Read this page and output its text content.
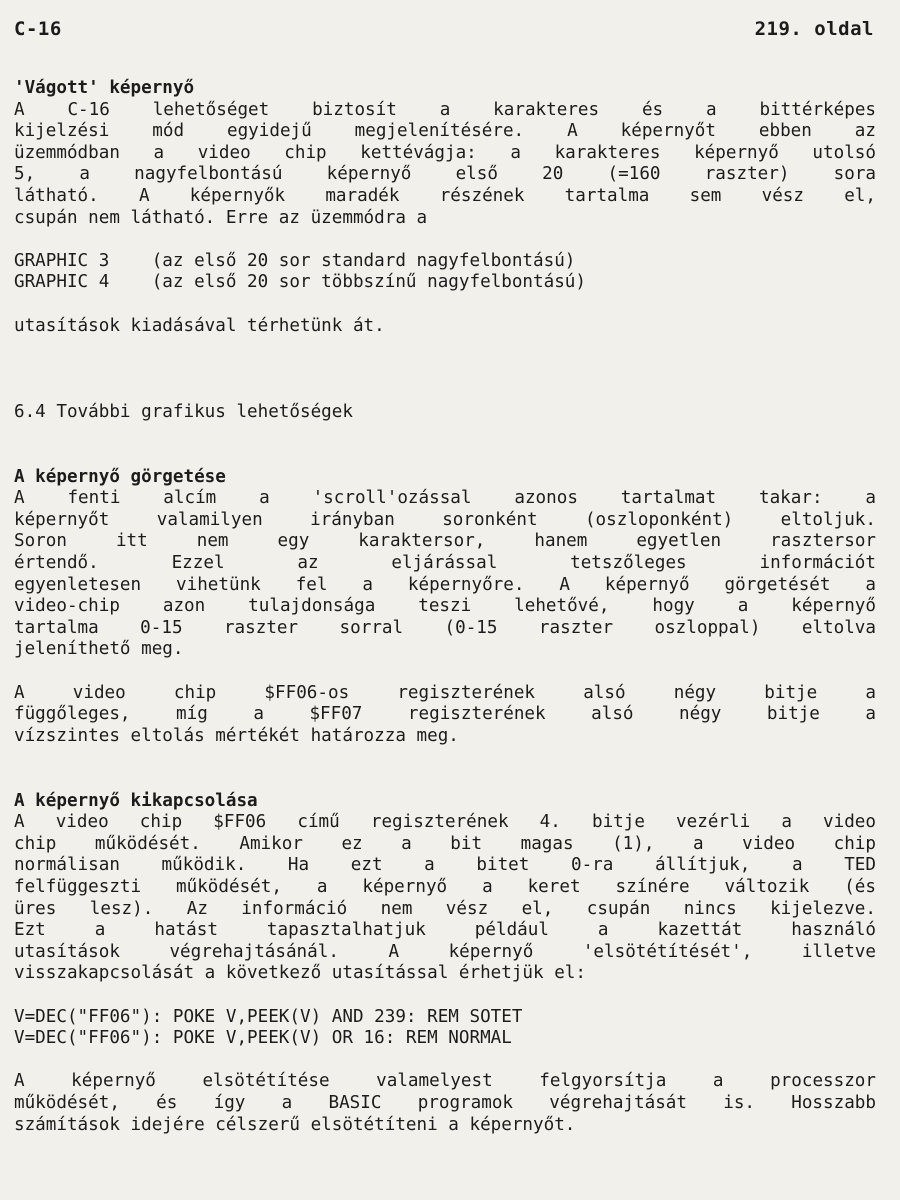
C-16	219. oldal
'Vágott' képernyő
A C-16 lehetőséget biztosít a karakteres és a bittérképes
kijelzési mód egyidejű megjelenítésére. A képernyőt ebben az
üzemmódban a video chip kettévágja: a karakteres képernyő utolsó
5, a nagyfelbontású képernyő első 20 (=160 raszter) sora
látható. A képernyők maradék részének tartalma sem vész el,
csupán nem látható. Erre az üzemmódra a
GRAPHIC 3    (az első 20 sor standard nagyfelbontású)
GRAPHIC 4    (az első 20 sor többszínű nagyfelbontású)
utasítások kiadásával térhetünk át.
6.4 További grafikus lehetőségek
A képernyő görgetése
A fenti alcím a 'scroll'ozással azonos tartalmat takar: a
képernyőt valamilyen irányban soronként (oszloponként) eltoljuk.
Soron itt nem egy karaktersor, hanem egyetlen rasztersor
értendő. Ezzel az eljárással tetszőleges információt
egyenletesen vihetünk fel a képernyőre. A képernyő görgetését a
video-chip azon tulajdonsága teszi lehetővé, hogy a képernyő
tartalma 0-15 raszter sorral (0-15 raszter oszloppal) eltolva
jeleníthető meg.
A video chip $FF06-os regiszterének alsó négy bitje a
függőleges, míg a $FF07 regiszterének alsó négy bitje a
vízszintes eltolás mértékét határozza meg.
A képernyő kikapcsolása
A video chip $FF06 című regiszterének 4. bitje vezérli a video
chip működését. Amikor ez a bit magas (1), a video chip
normálisan működik. Ha ezt a bitet 0-ra állítjuk, a TED
felfüggeszti működését, a képernyő a keret színére változik (és
üres lesz). Az információ nem vész el, csupán nincs kijelezve.
Ezt a hatást tapasztalhatjuk például a kazettát használó
utasítások végrehajtásánál. A képernyő 'elsötétítését', illetve
visszakapcsolását a következő utasítással érhetjük el:
V=DEC("FF06"): POKE V,PEEK(V) AND 239: REM SOTET
V=DEC("FF06"): POKE V,PEEK(V) OR 16: REM NORMAL
A képernyő elsötétítése valamelyest felgyorsítja a processzor
működését, és így a BASIC programok végrehajtását is. Hosszabb
számítások idejére célszerű elsötétíteni a képernyőt.
